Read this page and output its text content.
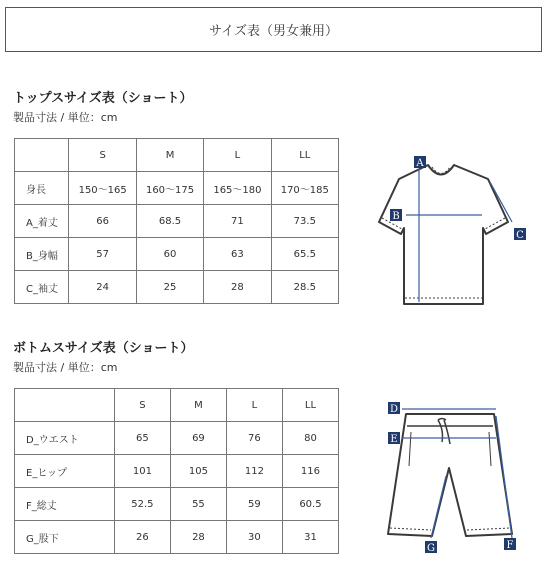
サイズ表（男女兼用）
トップスサイズ表（ショート）
製品寸法 / 単位：cm
	S	M	L	LL
身長	150〜165	160〜175	165〜180	170〜185
A_着丈	66	68.5	71	73.5
B_身幅	57	60	63	65.5
C_袖丈	24	25	28	28.5
A
B
C
ボトムスサイズ表（ショート）
製品寸法 / 単位：cm
	S	M	L	LL
D_ウエスト	65	69	76	80
E_ヒップ	101	105	112	116
F_総丈	52.5	55	59	60.5
G_股下	26	28	30	31
D
E
F
G
